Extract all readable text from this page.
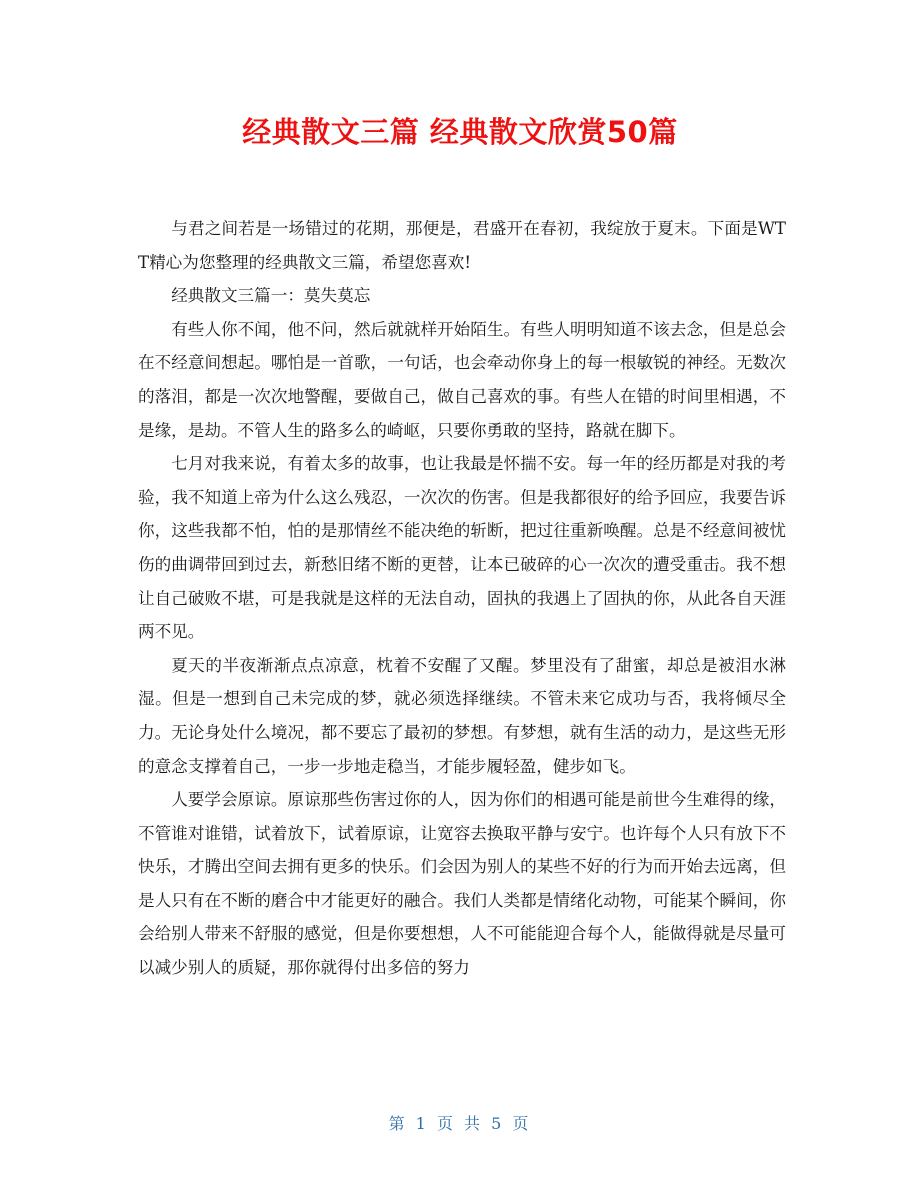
经典散文三篇 经典散文欣赏50篇

与君之间若是一场错过的花期，那便是，君盛开在春初，我绽放于夏末。下面是WTT精心为您整理的经典散文三篇，希望您喜欢!

经典散文三篇一：莫失莫忘

有些人你不闻，他不问，然后就就样开始陌生。有些人明明知道不该去念，但是总会在不经意间想起。哪怕是一首歌，一句话，也会牵动你身上的每一根敏锐的神经。无数次的落泪，都是一次次地警醒，要做自己，做自己喜欢的事。有些人在错的时间里相遇，不是缘，是劫。不管人生的路多么的崎岖，只要你勇敢的坚持，路就在脚下。

七月对我来说，有着太多的故事，也让我最是怀揣不安。每一年的经历都是对我的考验，我不知道上帝为什么这么残忍，一次次的伤害。但是我都很好的给予回应，我要告诉你，这些我都不怕，怕的是那情丝不能决绝的斩断，把过往重新唤醒。总是不经意间被忧伤的曲调带回到过去，新愁旧绪不断的更替，让本已破碎的心一次次的遭受重击。我不想让自己破败不堪，可是我就是这样的无法自动，固执的我遇上了固执的你，从此各自天涯两不见。

夏天的半夜渐渐点点凉意，枕着不安醒了又醒。梦里没有了甜蜜，却总是被泪水淋湿。但是一想到自己未完成的梦，就必须选择继续。不管未来它成功与否，我将倾尽全力。无论身处什么境况，都不要忘了最初的梦想。有梦想，就有生活的动力，是这些无形的意念支撑着自己，一步一步地走稳当，才能步履轻盈，健步如飞。

人要学会原谅。原谅那些伤害过你的人，因为你们的相遇可能是前世今生难得的缘，不管谁对谁错，试着放下，试着原谅，让宽容去换取平静与安宁。也许每个人只有放下不快乐，才腾出空间去拥有更多的快乐。们会因为别人的某些不好的行为而开始去远离，但是人只有在不断的磨合中才能更好的融合。我们人类都是情绪化动物，可能某个瞬间，你会给别人带来不舒服的感觉，但是你要想想，人不可能能迎合每个人，能做得就是尽量可以减少别人的质疑，那你就得付出多倍的努力

第 1 页 共 5 页
